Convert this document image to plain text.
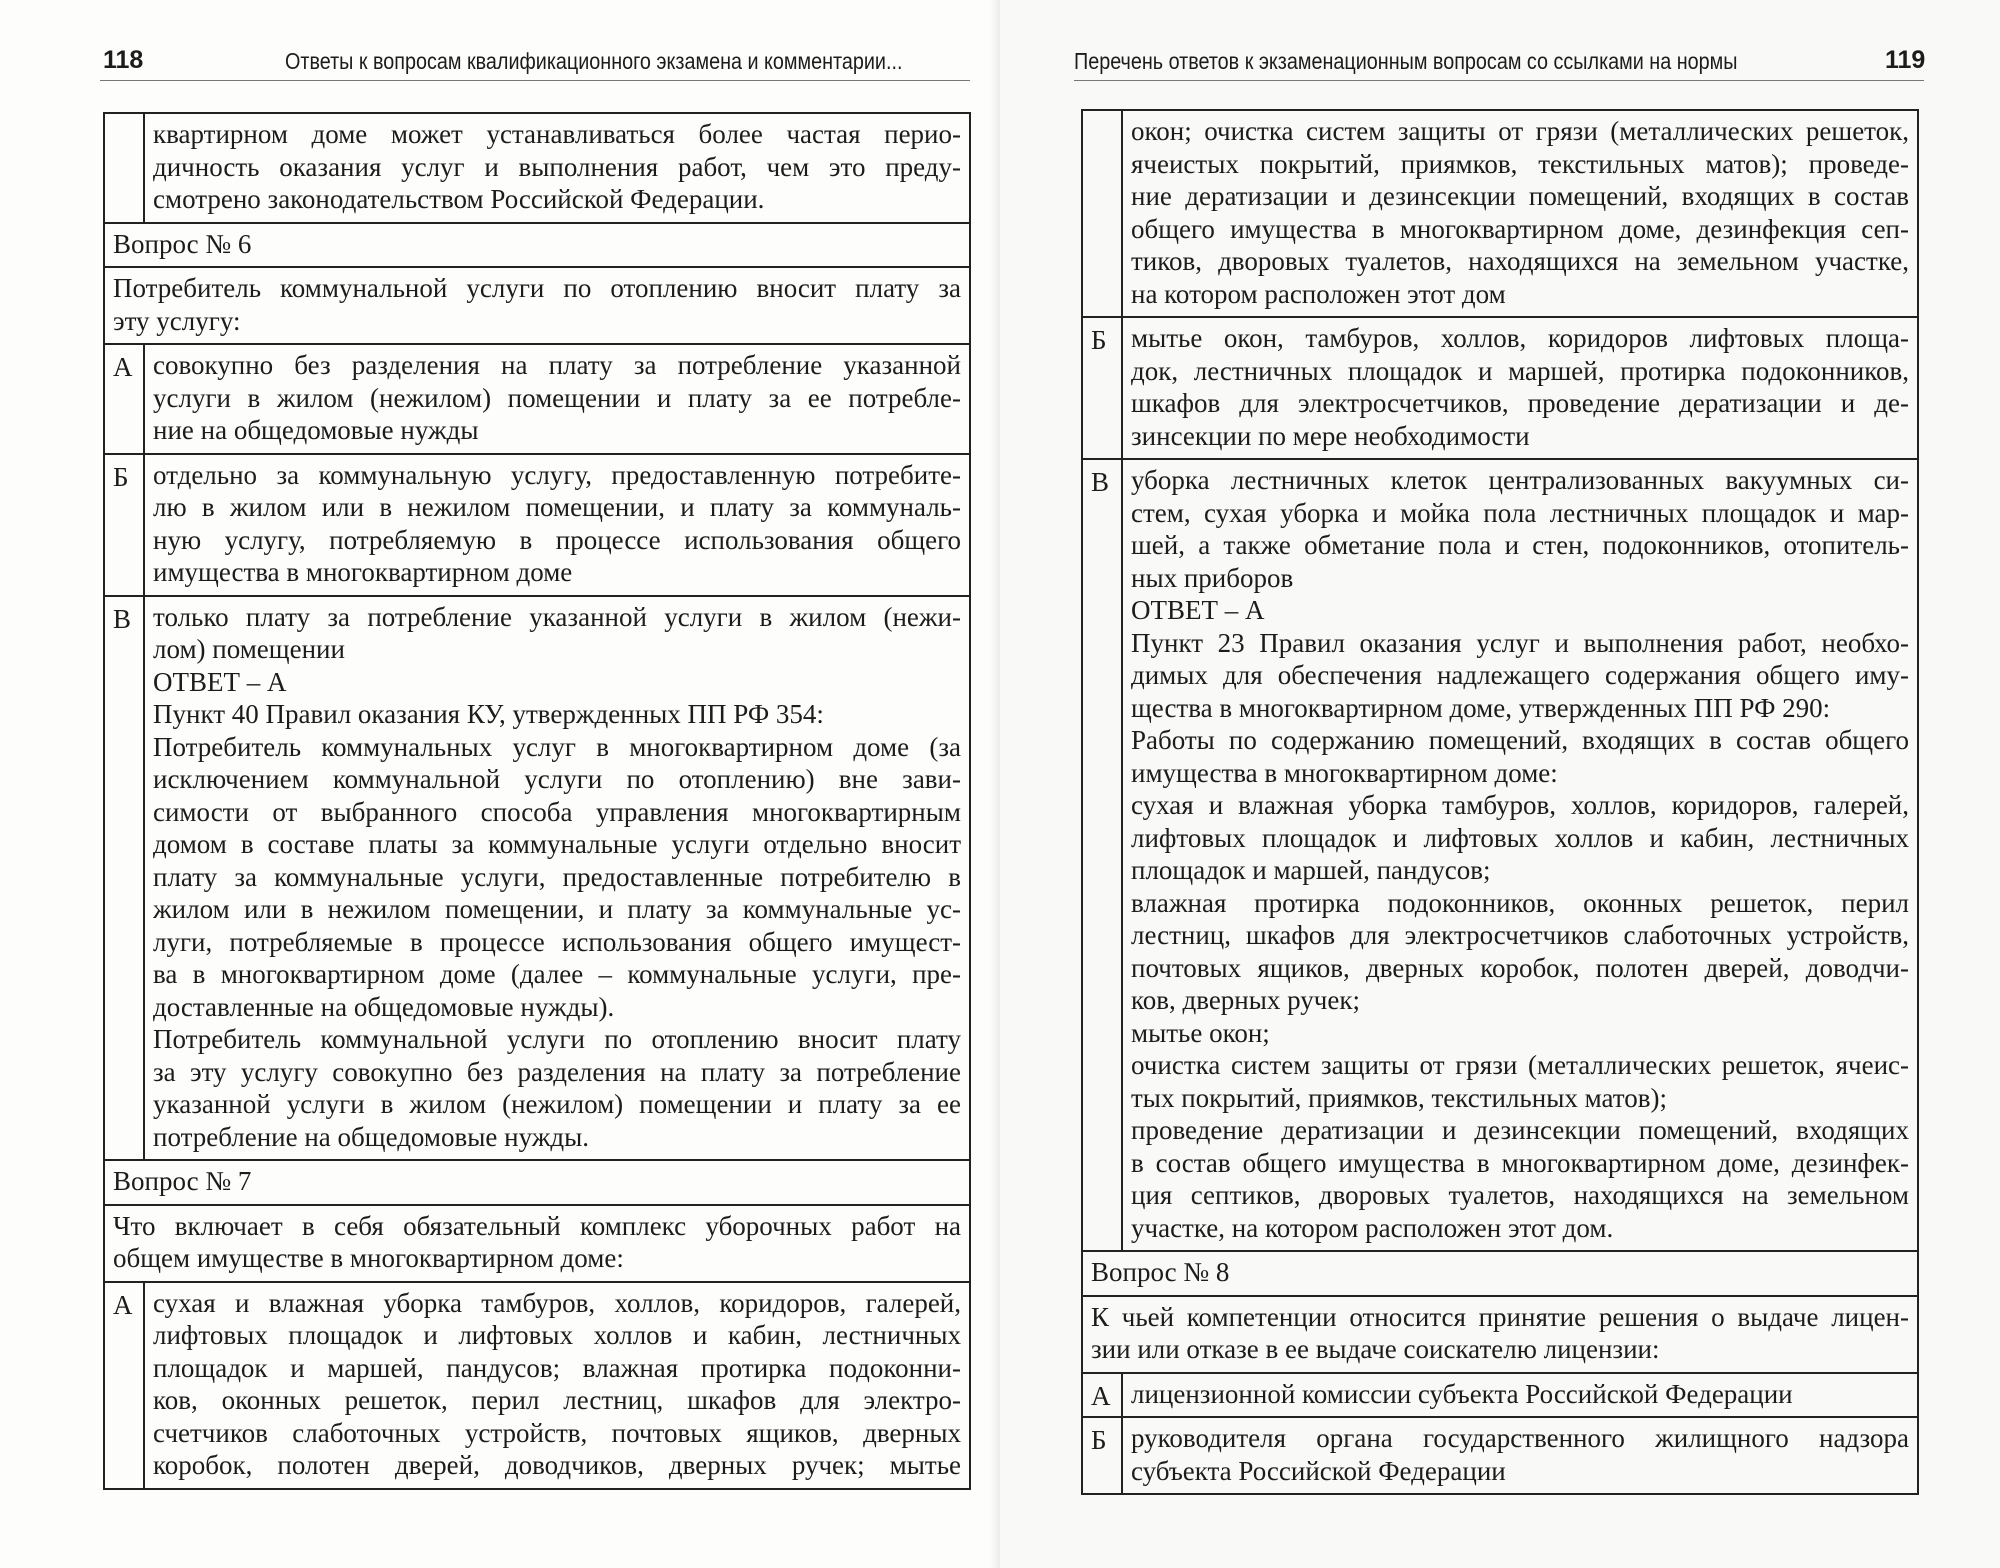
118	Ответы к вопросам квалификационного экзамена и комментарии...
квартирном доме может устанавливаться более частая перио-
дичность оказания услуг и выполнения работ, чем это преду-
смотрено законодательством Российской Федерации.
Вопрос № 6
Потребитель коммунальной услуги по отоплению вносит плату за
эту услугу:
А совокупно без разделения на плату за потребление указанной
услуги в жилом (нежилом) помещении и плату за ее потребле-
ние на общедомовые нужды
Б отдельно за коммунальную услугу, предоставленную потребите-
лю в жилом или в нежилом помещении, и плату за коммуналь-
ную услугу, потребляемую в процессе использования общего
имущества в многоквартирном доме
В только плату за потребление указанной услуги в жилом (нежи-
лом) помещении
ОТВЕТ – А
Пункт 40 Правил оказания КУ, утвержденных ПП РФ 354:
Потребитель коммунальных услуг в многоквартирном доме (за
исключением коммунальной услуги по отоплению) вне зави-
симости от выбранного способа управления многоквартирным
домом в составе платы за коммунальные услуги отдельно вносит
плату за коммунальные услуги, предоставленные потребителю в
жилом или в нежилом помещении, и плату за коммунальные ус-
луги, потребляемые в процессе использования общего имущест-
ва в многоквартирном доме (далее – коммунальные услуги, пре-
доставленные на общедомовые нужды).
Потребитель коммунальной услуги по отоплению вносит плату
за эту услугу совокупно без разделения на плату за потребление
указанной услуги в жилом (нежилом) помещении и плату за ее
потребление на общедомовые нужды.
Вопрос № 7
Что включает в себя обязательный комплекс уборочных работ на
общем имуществе в многоквартирном доме:
А сухая и влажная уборка тамбуров, холлов, коридоров, галерей,
лифтовых площадок и лифтовых холлов и кабин, лестничных
площадок и маршей, пандусов; влажная протирка подоконни-
ков, оконных решеток, перил лестниц, шкафов для электро-
счетчиков слаботочных устройств, почтовых ящиков, дверных
коробок, полотен дверей, доводчиков, дверных ручек; мытье
Перечень ответов к экзаменационным вопросам со ссылками на нормы	119
окон; очистка систем защиты от грязи (металлических решеток,
ячеистых покрытий, приямков, текстильных матов); проведе-
ние дератизации и дезинсекции помещений, входящих в состав
общего имущества в многоквартирном доме, дезинфекция сеп-
тиков, дворовых туалетов, находящихся на земельном участке,
на котором расположен этот дом
Б мытье окон, тамбуров, холлов, коридоров лифтовых площа-
док, лестничных площадок и маршей, протирка подоконников,
шкафов для электросчетчиков, проведение дератизации и де-
зинсекции по мере необходимости
В уборка лестничных клеток централизованных вакуумных си-
стем, сухая уборка и мойка пола лестничных площадок и мар-
шей, а также обметание пола и стен, подоконников, отопитель-
ных приборов
ОТВЕТ – А
Пункт 23 Правил оказания услуг и выполнения работ, необхо-
димых для обеспечения надлежащего содержания общего иму-
щества в многоквартирном доме, утвержденных ПП РФ 290:
Работы по содержанию помещений, входящих в состав общего
имущества в многоквартирном доме:
сухая и влажная уборка тамбуров, холлов, коридоров, галерей,
лифтовых площадок и лифтовых холлов и кабин, лестничных
площадок и маршей, пандусов;
влажная протирка подоконников, оконных решеток, перил
лестниц, шкафов для электросчетчиков слаботочных устройств,
почтовых ящиков, дверных коробок, полотен дверей, доводчи-
ков, дверных ручек;
мытье окон;
очистка систем защиты от грязи (металлических решеток, ячеис-
тых покрытий, приямков, текстильных матов);
проведение дератизации и дезинсекции помещений, входящих
в состав общего имущества в многоквартирном доме, дезинфек-
ция септиков, дворовых туалетов, находящихся на земельном
участке, на котором расположен этот дом.
Вопрос № 8
К чьей компетенции относится принятие решения о выдаче лицен-
зии или отказе в ее выдаче соискателю лицензии:
А лицензионной комиссии субъекта Российской Федерации
Б руководителя органа государственного жилищного надзора
субъекта Российской Федерации
